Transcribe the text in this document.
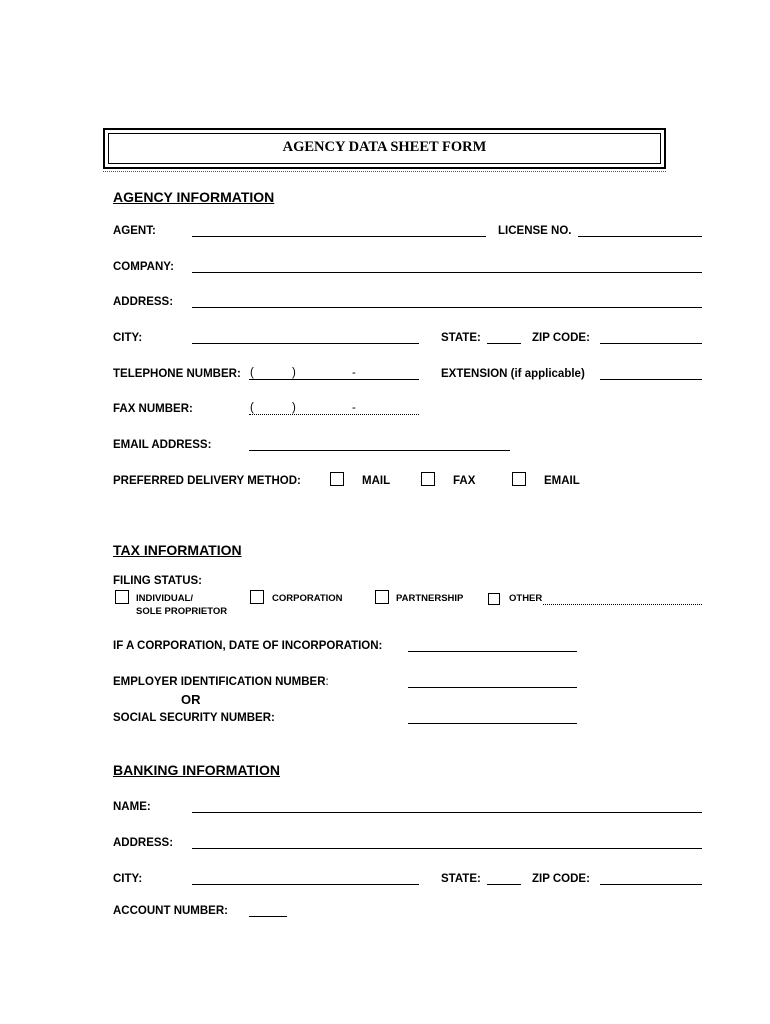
AGENCY DATA SHEET FORM
AGENCY INFORMATION
AGENT:	LICENSE NO.
COMPANY:
ADDRESS:
CITY:	STATE:	ZIP CODE:
TELEPHONE NUMBER: (	)	-	EXTENSION (if applicable)
FAX NUMBER:	(	)	-
EMAIL ADDRESS:
PREFERRED DELIVERY METHOD:	MAIL	FAX	EMAIL
TAX INFORMATION
FILING STATUS:
INDIVIDUAL/
SOLE PROPRIETOR
CORPORATION	PARTNERSHIP	OTHER
IF A CORPORATION, DATE OF INCORPORATION:
EMPLOYER IDENTIFICATION NUMBER:
OR
SOCIAL SECURITY NUMBER:
BANKING INFORMATION
NAME:
ADDRESS:
CITY:	STATE:	ZIP CODE:
ACCOUNT NUMBER:
